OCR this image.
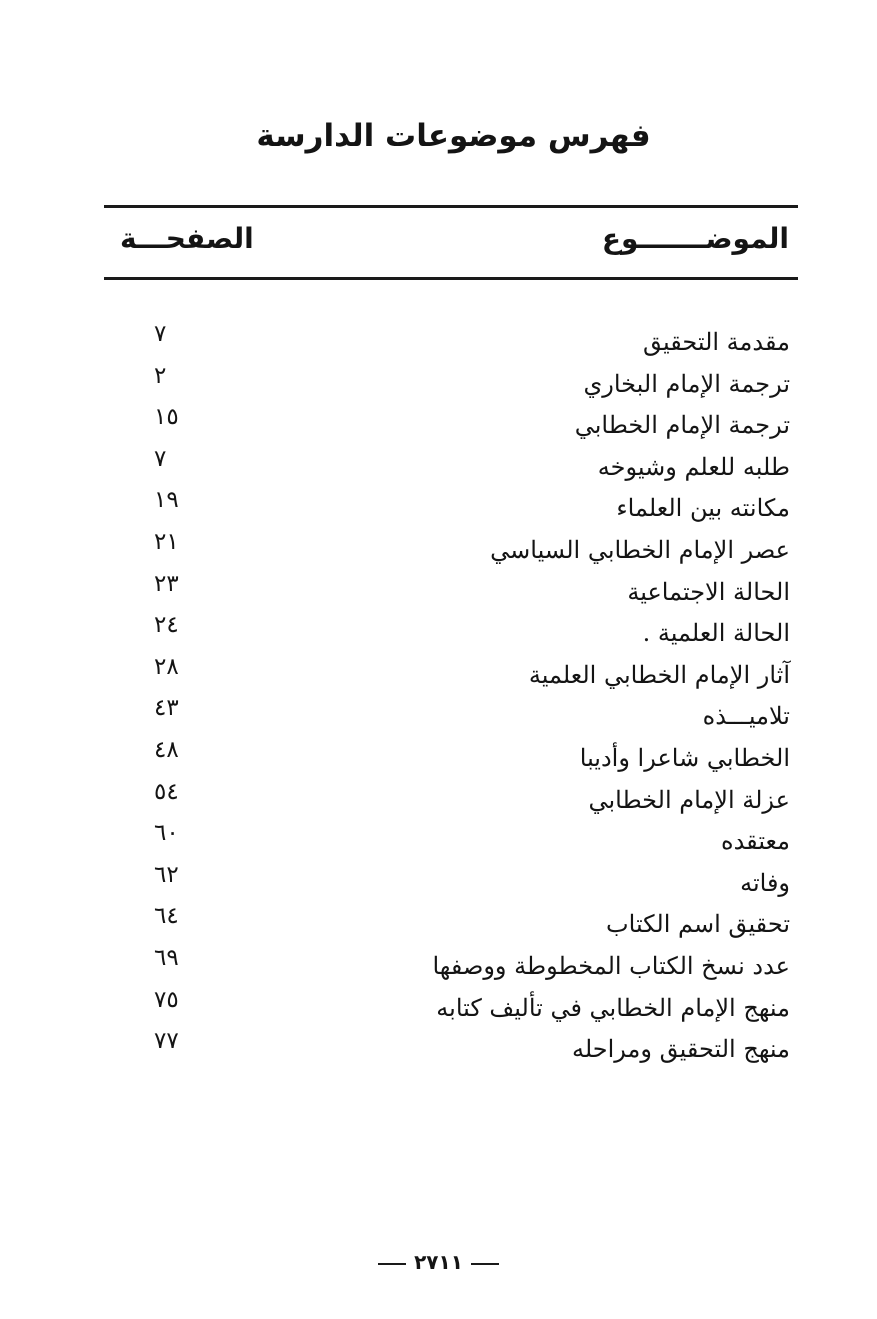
فهرس موضوعات الدارسة
الموضـــــــوع
الصفحـــة
مقدمة التحقيق
٧
ترجمة الإمام البخاري
٢
ترجمة الإمام الخطابي
١٥
طلبه للعلم وشيوخه
٧
مكانته بين العلماء
١٩
عصر الإمام الخطابي السياسي
٢١
الحالة الاجتماعية
٢٣
الحالة العلمية .
٢٤
آثار الإمام الخطابي العلمية
٢٨
تلاميـــذه
٤٣
الخطابي شاعرا وأديبا
٤٨
عزلة الإمام الخطابي
٥٤
معتقده
٦٠
وفاته
٦٢
تحقيق اسم الكتاب
٦٤
عدد نسخ الكتاب المخطوطة ووصفها
٦٩
منهج الإمام الخطابي في تأليف كتابه
٧٥
منهج التحقيق ومراحله
٧٧
٢٧١١
